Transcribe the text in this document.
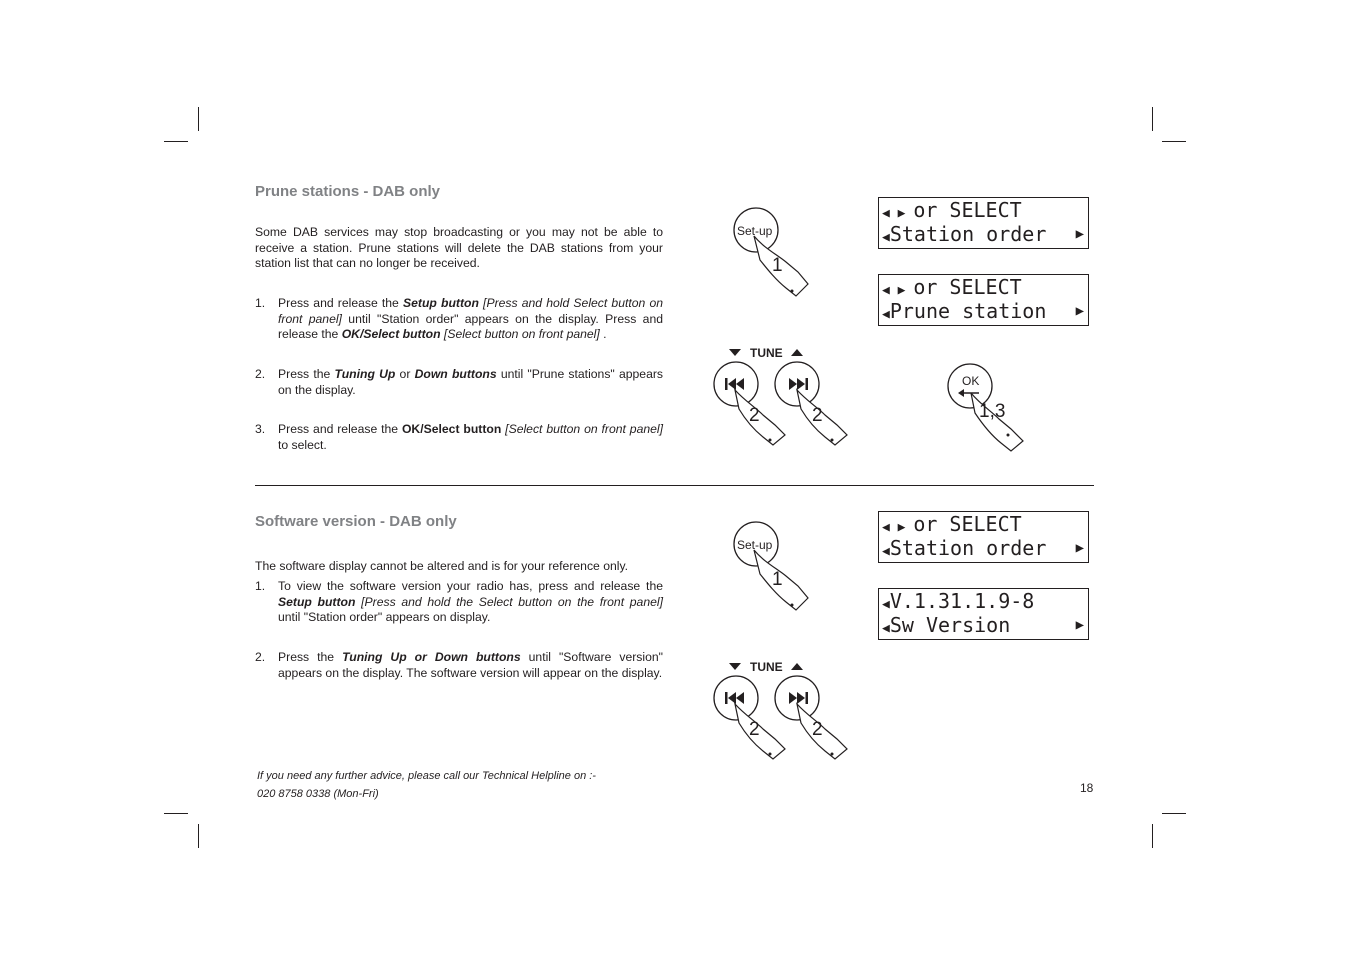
Prune stations - DAB only
Some DAB services may stop broadcasting or you may not be able to receive a station. Prune stations will delete the DAB stations from your station list that can no longer be received.
1. Press and release the Setup button [Press and hold Select button on front panel] until "Station order" appears on the display. Press and release the OK/Select button [Select button on front panel] .
2. Press the Tuning Up or Down buttons until "Prune stations" appears on the display.
3. Press and release the OK/Select button [Select button on front panel] to select.
◀ ▶ or SELECT
◀Station order ▶
◀ ▶ or SELECT
◀Prune station ▶
Set-up
1
TUNE
2	2
OK
1,3
Software version - DAB only
The software display cannot be altered and is for your reference only.
1. To view the software version your radio has, press and release the Setup button [Press and hold the Select button on the front panel] until "Station order" appears on display.
2. Press the Tuning Up or Down buttons until "Software version" appears on the display. The software version will appear on the display.
◀ ▶ or SELECT
◀Station order ▶
◀V.1.31.1.9-8
◀Sw Version	▶
Set-up
1
TUNE
2	2
If you need any further advice, please call our Technical Helpline on :-
020 8758 0338 (Mon-Fri)	18
